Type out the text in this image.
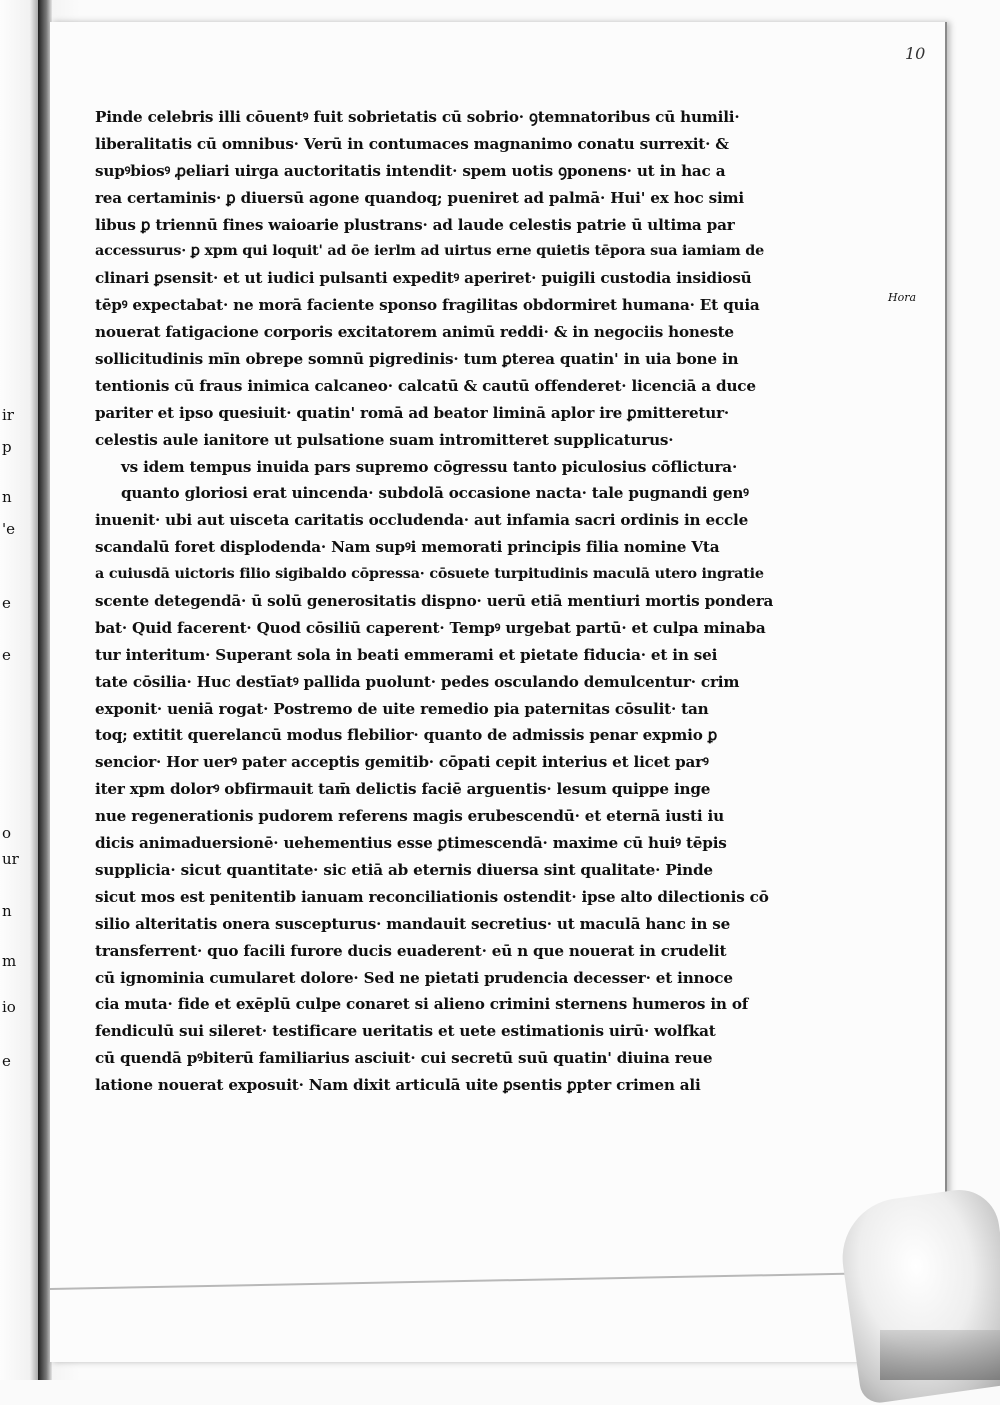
10
Hora
ir
p
n
'e
e
e
o
ur
n
m
io
e
Pinde celebris illi cōuentꝰ fuit sobrietatis cū sobrio· ꝯtemnatoribus cū humili·
liberalitatis cū omnibus· Verū in contumaces magnanimo conatu surrexit· &
supꝰbiosꝰ ꝓeliari uirga auctoritatis intendit· spem uotis ꝯponens· ut in hac a
rea certaminis· ꝑ diuersū agone quandoq; pueniret ad palmā· Hui' ex hoc simi
libus ꝑ triennū fines waioarie plustrans· ad laude celestis patrie ū ultima par
accessurus· ꝑ xpm qui loquit' ad ōe ierlm ad uirtus erne quietis tēpora sua iamiam de
clinari ꝑsensit· et ut iudici pulsanti expeditꝰ aperiret· puigili custodia insidiosū
tēpꝰ expectabat· ne morā faciente sponso fragilitas obdormiret humana· Et quia
nouerat fatigacione corporis excitatorem animū reddi· & in negociis honeste
sollicitudinis mīn obrepe somnū pigredinis· tum ꝑterea quatin' in uia bone in
tentionis cū fraus inimica calcaneo· calcatū & cautū offenderet· licenciā a duce
pariter et ipso quesiuit· quatin' romā ad beator liminā aplor ire ꝑmitteretur·
celestis aule ianitore ut pulsatione suam intromitteret supplicaturus·
vs idem tempus inuida pars supremo cōgressu tanto piculosius cōflictura·
quanto gloriosi erat uincenda· subdolā occasione nacta· tale pugnandi genꝰ
inuenit· ubi aut uisceta caritatis occludenda· aut infamia sacri ordinis in eccle
scandalū foret displodenda· Nam supꝰi memorati principis filia nomine Vta
a cuiusdā uictoris filio sigibaldo cōpressa· cōsuete turpitudinis maculā utero ingratie
scente detegendā· ū solū generositatis dispno· uerū etiā mentiuri mortis pondera
bat· Quid facerent· Quod cōsiliū caperent· Tempꝰ urgebat partū· et culpa minaba
tur interitum· Superant sola in beati emmerami et pietate fiducia· et in sei
tate cōsilia· Huc destīatꝰ pallida puolunt· pedes osculando demulcentur· crim
exponit· ueniā rogat· Postremo de uite remedio pia paternitas cōsulit· tan
toq; extitit querelancū modus flebilior· quanto de admissis penar expmio ꝑ
sencior· Hor uerꝰ pater acceptis gemitib· cōpati cepit interius et licet parꝰ
iter xpm dolorꝰ obfirmauit tam̄ delictis faciē arguentis· lesum quippe inge
nue regenerationis pudorem referens magis erubescendū· et eternā iusti iu
dicis animaduersionē· uehementius esse ꝑtimescendā· maxime cū huiꝰ tēpis
supplicia· sicut quantitate· sic etiā ab eternis diuersa sint qualitate· Pinde
sicut mos est penitentib ianuam reconciliationis ostendit· ipse alto dilectionis cō
silio alteritatis onera suscepturus· mandauit secretius· ut maculā hanc in se
transferrent· quo facili furore ducis euaderent· eū n que nouerat in crudelit
cū ignominia cumularet dolore· Sed ne pietati prudencia decesser· et innoce
cia muta· fide et exēplū culpe conaret si alieno crimini sternens humeros in of
fendiculū sui sileret· testificare ueritatis et uete estimationis uirū· wolfkat
cū quendā pꝰbiterū familiarius asciuit· cui secretū suū quatin' diuina reue
latione nouerat exposuit· Nam dixit articulā uite ꝑsentis ꝑpter crimen ali
